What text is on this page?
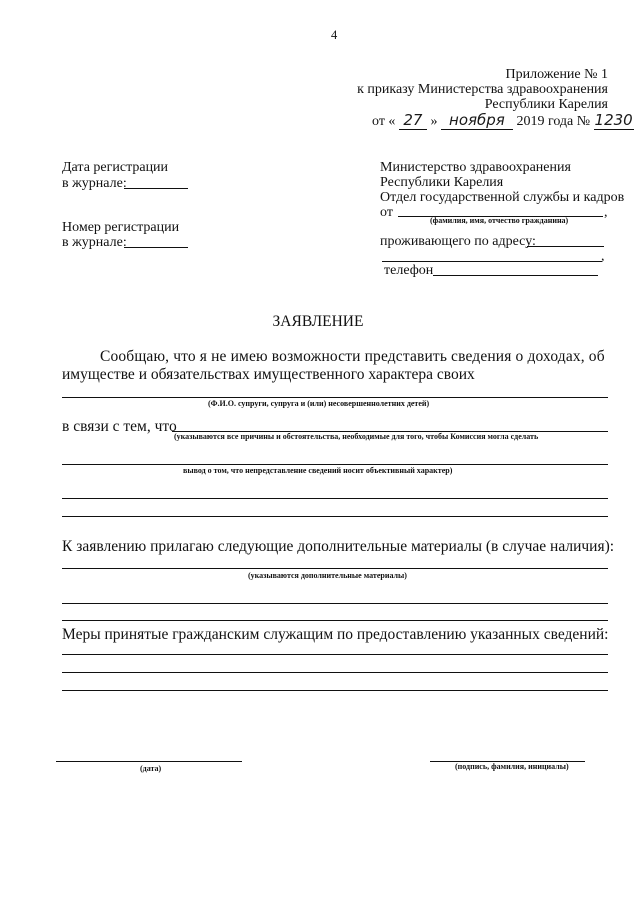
4
Приложение № 1
к приказу Министерства здравоохранения
Республики Карелия
от « 27 » ноября 2019 года № 1230
Дата регистрации
в журнале:
Номер регистрации
в журнале:
Министерство здравоохранения
Республики Карелия
Отдел государственной службы и кадров
от	,
(фамилия, имя, отчество гражданина)
проживающего по адресу:
,
телефон
ЗАЯВЛЕНИЕ
Сообщаю, что я не имею возможности представить сведения о доходах, об
имуществе и обязательствах имущественного характера своих
(Ф.И.О. супруги, супруга и (или) несовершеннолетних детей)
в связи с тем, что
(указываются все причины и обстоятельства, необходимые для того, чтобы Комиссия могла сделать
вывод о том, что непредставление сведений носит объективный характер)
К заявлению прилагаю следующие дополнительные материалы (в случае наличия):
(указываются дополнительные материалы)
Меры принятые гражданским служащим по предоставлению указанных сведений:
(дата)	(подпись, фамилия, инициалы)
